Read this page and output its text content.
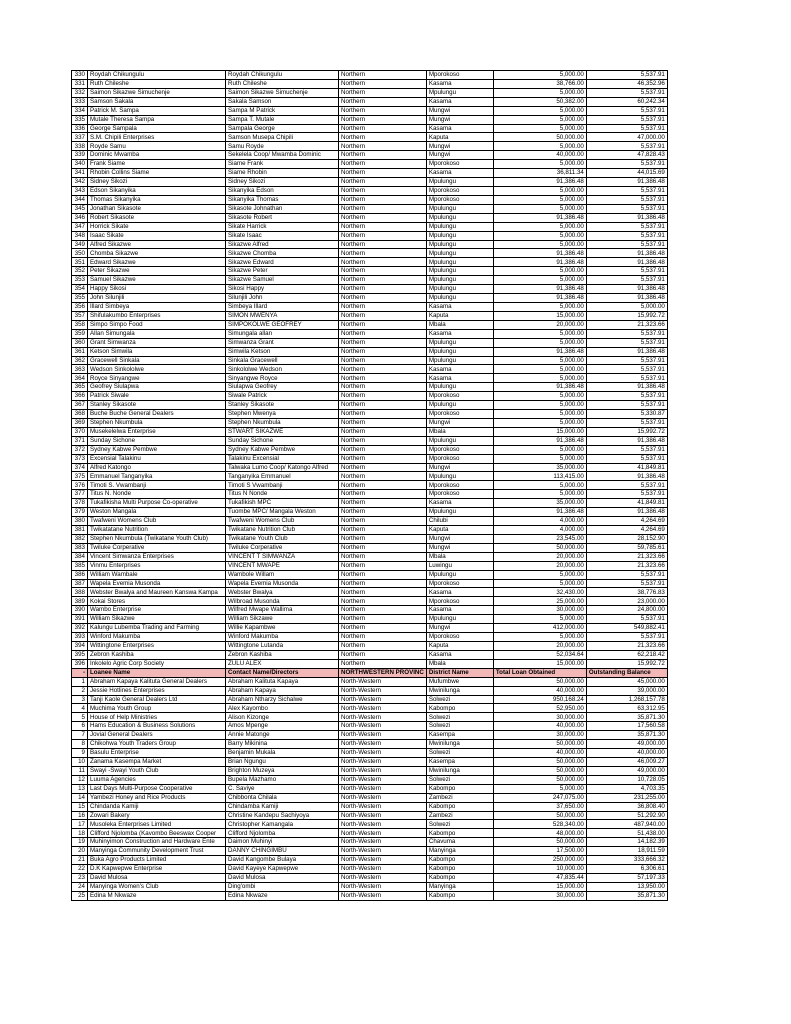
330	Roydah Chikungulu	Roydah Chikungulu	Northern	Mporokoso	5,000.00	5,537.91
331	Ruth Chileshe	Ruth Chileshe	Northern	Kasama	38,766.00	46,352.96
332	Saimon Sikazwe Simuchenje	Saimon Sikazwe Simuchenje	Northern	Mpulungu	5,000.00	5,537.91
333	Samson Sakala	Sakala Samson	Northern	Kasama	50,382.00	60,242.34
334	Patrick M. Sampa	Sampa M Patrick	Northern	Mungwi	5,000.00	5,537.91
335	Mutale Theresa Sampa	Sampa T. Mutale	Northern	Mungwi	5,000.00	5,537.91
336	George Sampala	Sampala George	Northern	Kasama	5,000.00	5,537.91
337	S.M. Chipili Enterprises	Samson Musepa Chipili	Northern	Kaputa	50,000.00	47,000.00
338	Royde Samu	Samu Royde	Northern	Mungwi	5,000.00	5,537.91
339	Dominic Mwamba	Sekelela Coop/ Mwamba Dominic	Northern	Mungwi	40,000.00	47,828.43
340	Frank Siame	Siame Frank	Northern	Mporokoso	5,000.00	5,537.91
341	Rhobin Collins Siame	Siame Rhobin	Northern	Kasama	36,811.34	44,015.69
342	Sidney Sikozi	Sidney Sikozi	Northern	Mpulungu	91,386.48	91,386.48
343	Edson Sikanyika	Sikanyika Edson	Northern	Mporokoso	5,000.00	5,537.91
344	Thomas Sikanyika	Sikanyika Thomas	Northern	Mporokoso	5,000.00	5,537.91
345	Jonathan Sikasote	Sikasote Johnathan	Northern	Mpulungu	5,000.00	5,537.91
346	Robert Sikasote	Sikasote Robert	Northern	Mpulungu	91,386.48	91,386.48
347	Horrick Sikate	Sikate Harrick	Northern	Mpulungu	5,000.00	5,537.91
348	Isaac Sikate	Sikate Isaac	Northern	Mpulungu	5,000.00	5,537.91
349	Alfred Sikazwe	Sikazwe Alfred	Northern	Mpulungu	5,000.00	5,537.91
350	Chomba Sikazwe	Sikazwe Chomba	Northern	Mpulungu	91,386.48	91,386.48
351	Edward Sikazwe	Sikazwe Edward	Northern	Mpulungu	91,386.48	91,386.48
352	Peter Sikazwe	Sikazwe Peter	Northern	Mpulungu	5,000.00	5,537.91
353	Samuel Sikazwe	Sikazwe Samuel	Northern	Mpulungu	5,000.00	5,537.91
354	Happy Sikosi	Sikosi Happy	Northern	Mpulungu	91,386.48	91,386.48
355	John Silunjili	Silunjili John	Northern	Mpulungu	91,386.48	91,386.48
356	Illard Simbeya	Simbeya Illard	Northern	Kasama	5,000.00	5,000.00
357	Shifulakumbo Enterprises	SIMON MWENYA	Northern	Kaputa	15,000.00	15,992.72
358	Simpo Simpo Food	SIMPOKOLWE GEOFREY	Northern	Mbala	20,000.00	21,323.66
359	Allan Simungala	Simungala allan	Northern	Kasama	5,000.00	5,537.91
360	Grant Simwanza	Simwanza Grant	Northern	Mpulungu	5,000.00	5,537.91
361	Ketson Simwila	Simwila Ketson	Northern	Mpulungu	91,386.48	91,386.48
362	Gracewell Sinkala	Sinkala Gracewell	Northern	Mpulungu	5,000.00	5,537.91
363	Wedson Sinkololwe	Sinkololwe Wedson	Northern	Kasama	5,000.00	5,537.91
364	Royce Sinyangwe	Sinyangwe Royce	Northern	Kasama	5,000.00	5,537.91
365	Geofrey Siulapwa	Siulapwa Geofrey	Northern	Mpulungu	91,386.48	91,386.48
366	Patrick Siwale	Siwale Patrick	Northern	Mporokoso	5,000.00	5,537.91
367	Stanley Sikasote	Stanley Sikasote	Northern	Mpulungu	5,000.00	5,537.91
368	Buche Buche General Dealers	Stephen Mwenya	Northern	Mporokoso	5,000.00	5,330.87
369	Stephen Nkumbula	Stephen Nkumbula	Northern	Mungwi	5,000.00	5,537.91
370	Musekelelwa Enterprise	STWART SIKAZWE	Northern	Mbala	15,000.00	15,992.72
371	Sunday Sichone	Sunday Sichone	Northern	Mpulungu	91,386.48	91,386.48
372	Sydney Kabwe Pembwe	Sydney Kabwe Pembwe	Northern	Mporokoso	5,000.00	5,537.91
373	Excensial Talakinu	Talakinu Excensial	Northern	Mporokoso	5,000.00	5,537.91
374	Alfred Katongo	Talwaka Lumo Coop/ Katongo Alfred	Northern	Mungwi	35,000.00	41,849.81
375	Emmanuel Tanganyika	Tanganyika Emmanuel	Northern	Mpulungu	113,415.00	91,386.48
376	Timoti S. Vwambanji	Timoti S Vwambanji	Northern	Mporokoso	5,000.00	5,537.91
377	Titus N. Nonde	Titus N Nonde	Northern	Mporokoso	5,000.00	5,537.91
378	Tukafikisha Multi Purpose Co-operative	Tukafikish MPC	Northern	Kasama	35,000.00	41,849.81
379	Weston Mangala	Tuombe MPC/ Mangala Weston	Northern	Mpulungu	91,386.48	91,386.48
380	Twafweni Womens Club	Twafweni Womens Club	Northern	Chilubi	4,000.00	4,264.69
381	Twikatatane Nutrition	Twikatane Nutrition Club	Northern	Kaputa	4,000.00	4,264.69
382	Stephen Nkumbula (Twikatane Youth Club)	Twikatane Youth Club	Northern	Mungwi	23,545.00	28,152.90
383	Twiluke Corperative	Twiluke Corperative	Northern	Mungwi	50,000.00	59,785.61
384	Vincent Simwanza Enterprises	VINCENT T SIMWANZA	Northern	Mbala	20,000.00	21,323.66
385	Vinmu Enterprises	VINCENT MWAPE	Northern	Luwingu	20,000.00	21,323.66
386	William Wambale	Wambole Willam	Northern	Mpulungu	5,000.00	5,537.91
387	Wapela Evemia Musonda	Wapela Evemia Musonda	Northern	Mporokoso	5,000.00	5,537.91
388	Webster Bwalya and Maureen Kanswa Kampa	Webster Bwalya	Northern	Kasama	32,430.00	38,776.83
389	Kokai Stores	Wilbroad Musonda	Northern	Mporokoso	25,000.00	23,000.00
390	Wambo Enterprise	Wilfred Mwape Wallima	Northern	Kasama	30,000.00	24,800.00
391	William Sikazwe	William Sikzawe	Northern	Mpulungu	5,000.00	5,537.91
392	Kalungu Lubemba Trading and Farming	Willie Kapambwe	Northern	Mungwi	412,000.00	549,882.41
393	Winford Makumba	Winford Makumba	Northern	Mporokoso	5,000.00	5,537.91
394	Wittingtone Enterprises	Wittingtone Lutanda	Northern	Kaputa	20,000.00	21,323.66
395	Zebron Kashiba	Zebron Kashiba	Northern	Kasama	52,034.64	62,218.42
396	Inkolelo Agric Corp Society	ZULU ALEX	Northern	Mbala	15,000.00	15,992.72
-	Loanee Name	Contact Name/Directors	NORTHWESTERN PROVINC	District Name	Total Loan Obtained	Outstanding Balance
1	Abraham Kapaya Kalituta General Dealers	Abraham Kalituta Kapaya	North-Western	Mufumbwe	50,000.00	45,000.00
2	Jessie Hotlines Enterprises	Abraham Kapaya	North-Western	Mwinilunga	40,000.00	39,000.00
3	Tanji Kaole General Dealers Ltd	Abraham Ntharzy Sichalwe	North-Western	Solwezi	950,168.24	1,268,157.78
4	Muchima Youth Group	Alex Kayombo	North-Western	Kabompo	52,950.00	63,312.95
5	House of Help Ministries	Alison Kizonge	North-Western	Solwezi	30,000.00	35,871.30
6	Hams Education & Business Solutions	Amos Mpenge	North-Western	Solwezi	40,000.00	17,560.58
7	Jovial General Dealers	Annie Matonge	North-Western	Kasempa	30,000.00	35,871.30
8	Chikohwa Youth Traders Group	Barry Mikinina	North-Western	Mwinilunga	50,000.00	49,000.00
9	Basulu Enterprise	Benjamin Mukala	North-Western	Solwezi	40,000.00	40,000.00
10	Zanama Kasempa Market	Brian Ngungu	North-Western	Kasempa	50,000.00	46,009.27
11	Swayi -Swayi Youth Club	Brighton Muzeya	North-Western	Mwinilunga	50,000.00	49,000.00
12	Luuma Agencies	Bupela Mazhamo	North-Western	Solwezi	50,000.00	10,728.05
13	Last Days Multi-Purpose Cooperative	C. Saviye	North-Western	Kabompo	5,000.00	4,703.35
14	Yambezi Honey and Rice Products	Chibbonta Chilala	North-Western	Zambezi	247,075.00	231,255.00
15	Chindanda Kamiji	Chindamba Kamiji	North-Western	Kabompo	37,650.00	36,808.40
16	Zowari Bakery	Christine Kandepu Sachiyoya	North-Western	Zambezi	50,000.00	51,292.90
17	Musoleka Enterprises Limited	Christopher Kamangala	North-Western	Solwezi	528,340.00	487,940.00
18	Clifford Njolomba (Kavombo Beeswax Cooper	Clifford Njolomba	North-Western	Kabompo	48,000.00	51,438.00
19	Muhinyimon Construction and Hardware Ente	Daimon Muhinyi	North-Western	Chavuma	50,000.00	14,182.39
20	Manyinga Community Development Trust	DANNY CHINGIMBU	North-Western	Manyinga	17,500.00	18,911.59
21	Buka Agro Products Limited	David Kangombe Bulaya	North-Western	Kabompo	250,000.00	333,666.32
22	D.K Kapwepwe Enterprise	David Kayeye Kapwepwe	North-Western	Kabompo	10,000.00	6,306.61
23	David Mulosa	David Mulosa	North-Western	Kabompo	47,835.44	57,197.33
24	Manyinga Women's Club	Ding'ombi	North-Western	Manyinga	15,000.00	13,950.00
25	Edina M Nkwaze	Edina Nkwaze	North-Western	Kabompo	30,000.00	35,871.30
